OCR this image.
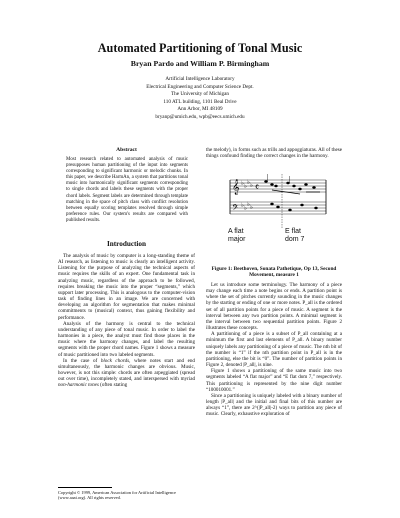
Automated Partitioning of Tonal Music
Bryan Pardo and William P. Birmingham
Artificial Intelligence Laboratory
Electrical Engineering and Computer Science Dept.
The University of Michigan
110 ATL building, 1101 Beal Drive
Ann Arbor, MI 48109
bryanp@umich.edu, wpb@eecs.umich.edu
Abstract
Most research related to automated analysis of music presupposes human partitioning of the input into segments corresponding to significant harmonic or melodic chunks. In this paper, we describe HarmAn, a system that partitions tonal music into harmonically significant segments corresponding to single chords and labels these segments with the proper chord labels. Segment labels are determined through template matching in the space of pitch class with conflict resolution between equally scoring templates resolved through simple preference rules. Our system's results are compared with published results.
Introduction

The analysis of music by computer is a long-standing theme of AI research, as listening to music is clearly an intelligent activity. Listening for the purpose of analyzing the technical aspects of music requires the skills of an expert. One fundamental task in analyzing music, regardless of the approach to be followed, requires breaking the music into the proper “segments,” which support later processing. This is analogous to the computer-vision task of finding lines in an image. We are concerned with developing an algorithm for segmentation that makes minimal commitments to (musical) context, thus gaining flexibility and performance.

Analysis of the harmony is central to the technical understanding of any piece of tonal music. In order to label the harmonies in a piece, the analyst must find those places in the music where the harmony changes, and label the resulting segments with the proper chord names. Figure 1 shows a measure of music partitioned into two labeled segments.

In the case of block chords, where notes start and end simultaneously, the harmonic changes are obvious. Music, however, is not this simple: chords are often arpeggiated (spread out over time), incompletely stated, and interspersed with myriad non-harmonic tones (often stating

Copyright © 1999, American Association for Artificial Intelligence (www.aaai.org). All rights reserved.

the melody), in forms such as trills and appoggiaturas. All of these things confound finding the correct changes in the harmony.

𝄞
𝄢
♭ ♭
♭ ♭
♭ ♭
♭ ♭
𝄴
A flat
major
E flat
dom 7
Figure 1: Beethoven, Sonata Pathetique, Op 13, Second Movement, measure 1

Let us introduce some terminology. The harmony of a piece may change each time a note begins or ends. A partition point is where the set of pitches currently sounding in the music changes by the starting or ending of one or more notes. P_all is the ordered set of all partition points for a piece of music. A segment is the interval between any two partition points. A minimal segment is the interval between two sequential partition points. Figure 2 illustrates these concepts.

A partitioning of a piece is a subset of P_all containing at a minimum the first and last elements of P_all. A binary number uniquely labels any partitioning of a piece of music. The nth bit of the number is “1” if the nth partition point in P_all is in the partitioning, else the bit is “0”. The number of partition points in Figure 2, denoted |P_all|, is nine.

Figure 1 shows a partitioning of the same music into two segments labeled “A flat major” and “E flat dom 7,” respectively. This partitioning is represented by the nine digit number “100010001.”

Since a partitioning is uniquely labeled with a binary number of length |P_all| and the initial and final bits of this number are always “1”, there are 2^(|P_all|-2) ways to partition any piece of music. Clearly, exhaustive exploration of
